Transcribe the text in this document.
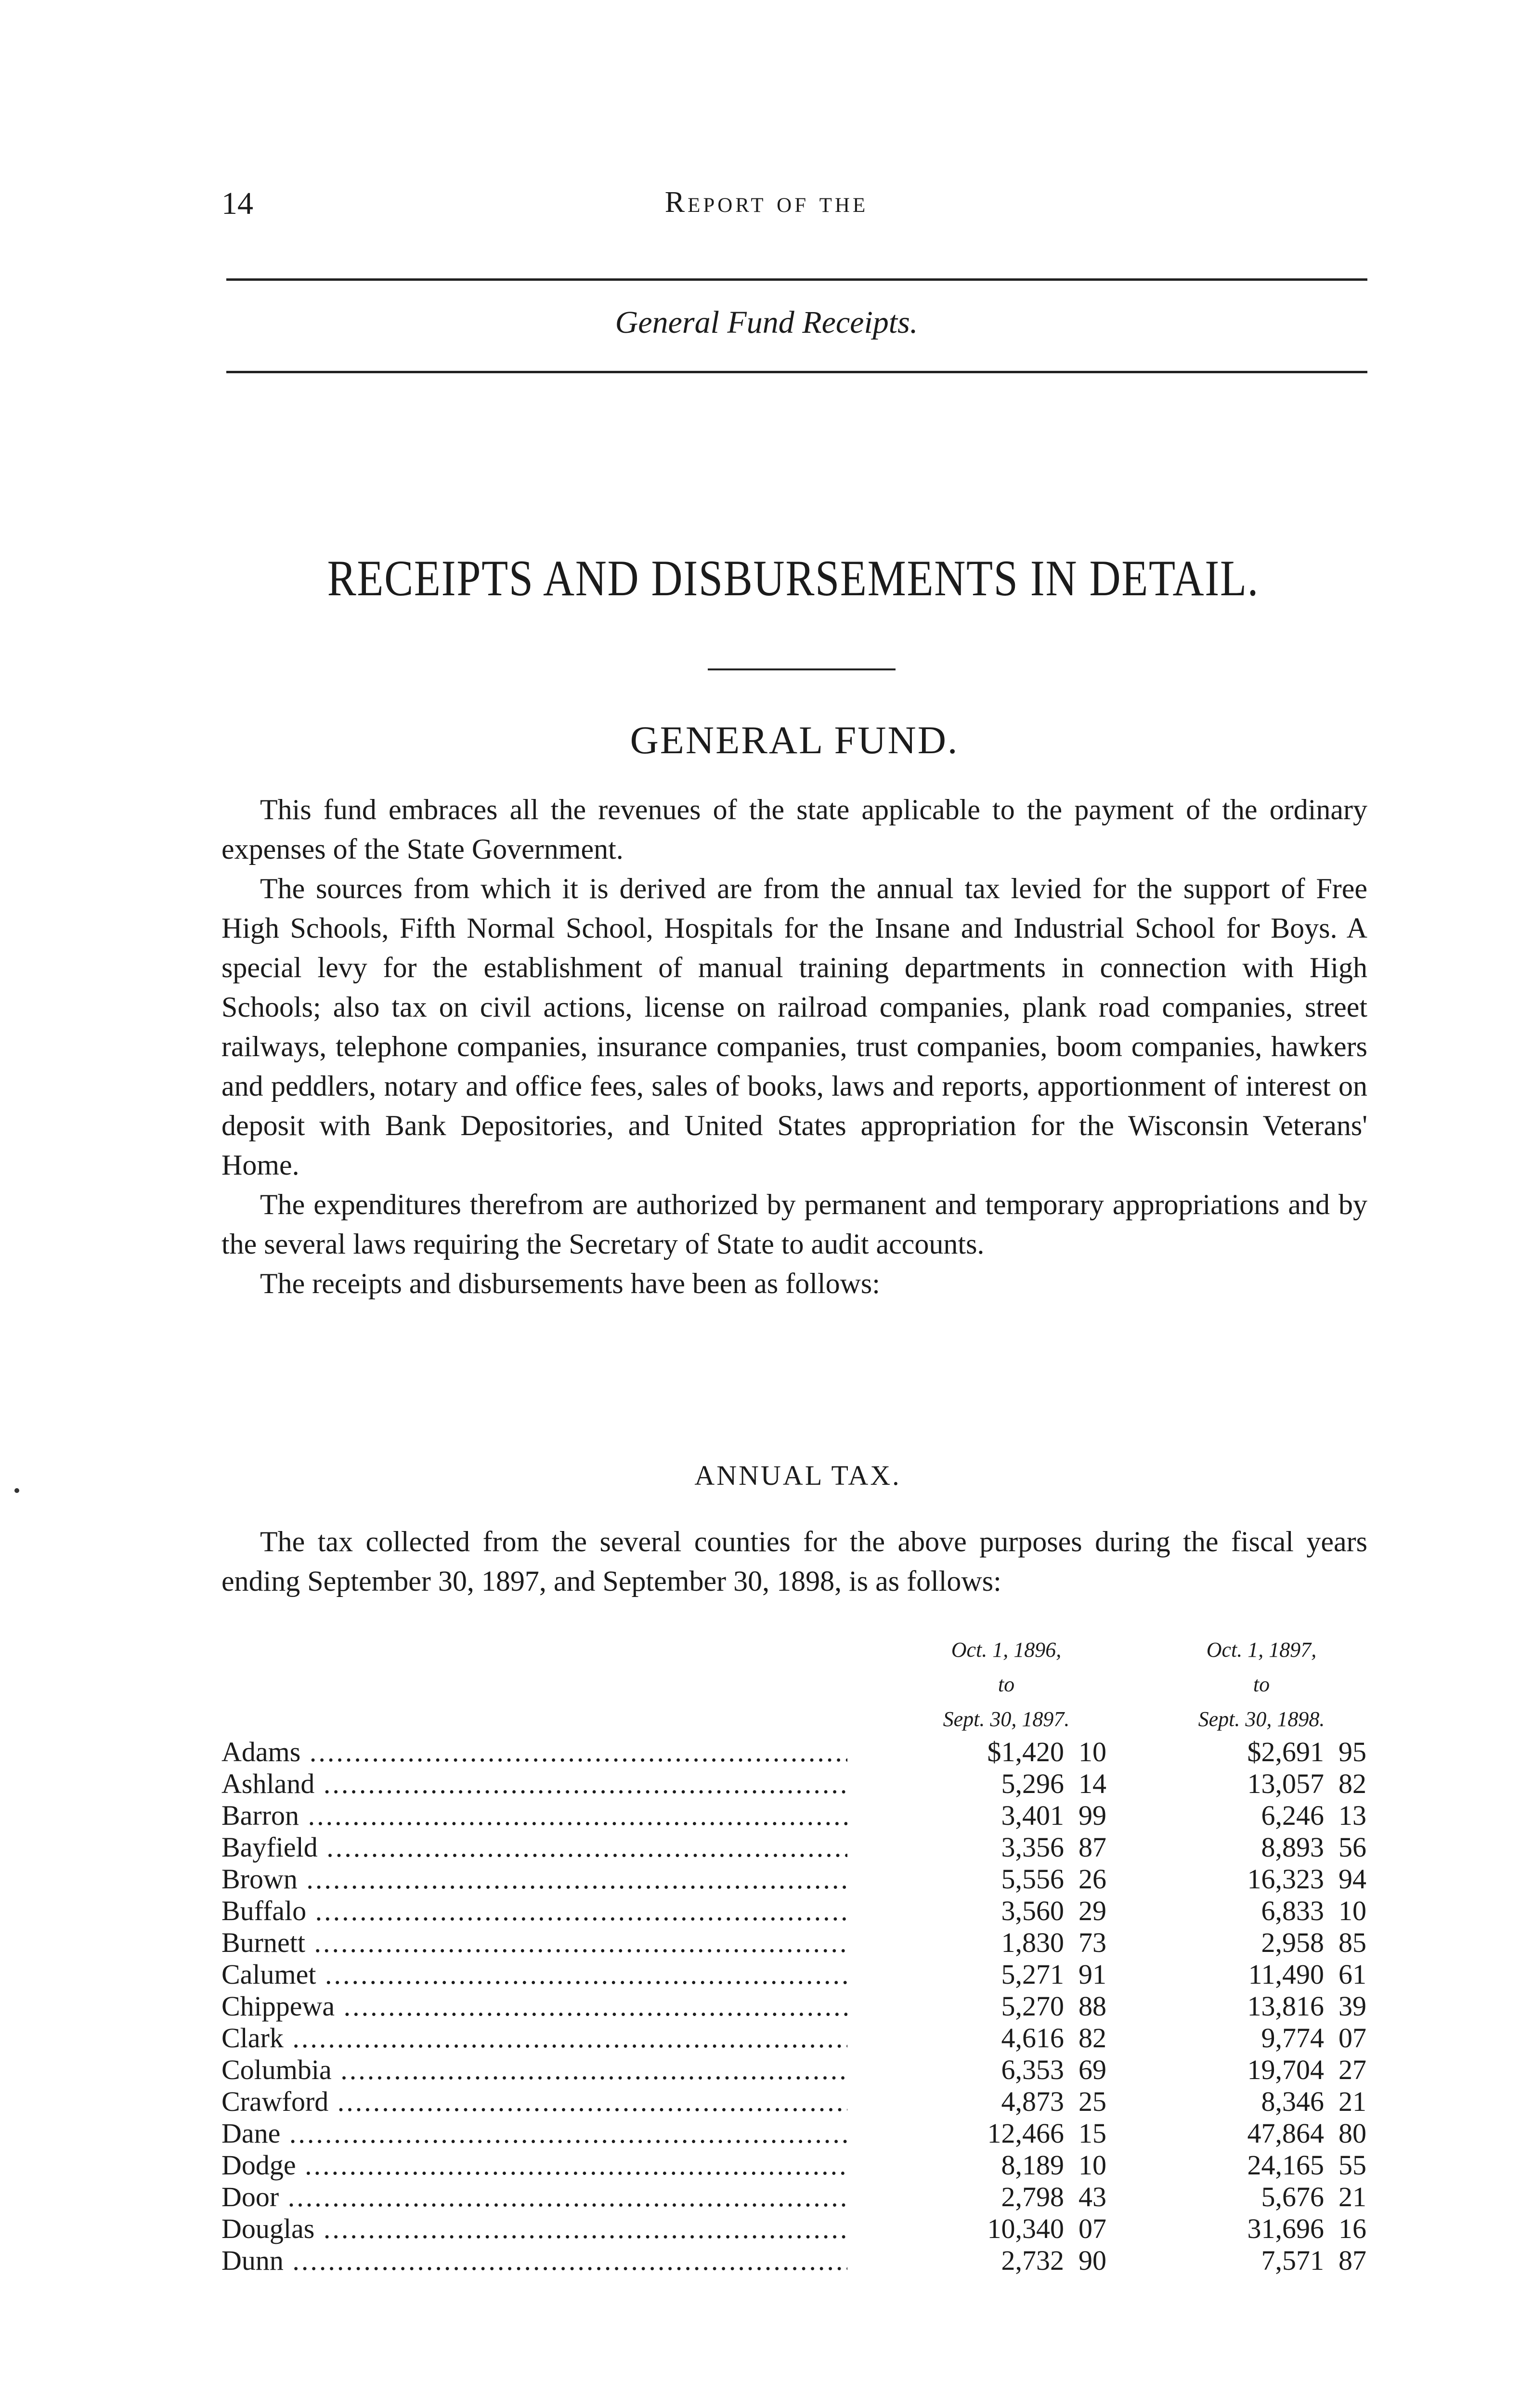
14	Report of the
General Fund Receipts.
RECEIPTS AND DISBURSEMENTS IN DETAIL.
GENERAL FUND.

This fund embraces all the revenues of the state applicable to the payment of the ordinary expenses of the State Government.

The sources from which it is derived are from the annual tax levied for the support of Free High Schools, Fifth Normal School, Hospitals for the Insane and Industrial School for Boys. A special levy for the establishment of manual training departments in connection with High Schools; also tax on civil actions, license on railroad companies, plank road companies, street railways, telephone companies, insurance companies, trust companies, boom companies, hawkers and peddlers, notary and office fees, sales of books, laws and reports, apportionment of interest on deposit with Bank Depositories, and United States appropriation for the Wisconsin Veterans' Home.

The expenditures therefrom are authorized by permanent and temporary appropriations and by the several laws requiring the Secretary of State to audit accounts.

The receipts and disbursements have been as follows:

ANNUAL TAX.

The tax collected from the several counties for the above purposes during the fiscal years ending September 30, 1897, and September 30, 1898, is as follows:

Oct. 1, 1896,
to
Sept. 30, 1897.
Oct. 1, 1897,
to
Sept. 30, 1898.
Adams .....	$1,420 10	$2,691 95
Ashland .....	5,296 14	13,057 82
Barron .....	3,401 99	6,246 13
Bayfield .....	3,356 87	8,893 56
Brown .....	5,556 26	16,323 94
Buffalo .....	3,560 29	6,833 10
Burnett .....	1,830 73	2,958 85
Calumet .....	5,271 91	11,490 61
Chippewa .....	5,270 88	13,816 39
Clark .....	4,616 82	9,774 07
Columbia .....	6,353 69	19,704 27
Crawford .....	4,873 25	8,346 21
Dane .....	12,466 15	47,864 80
Dodge .....	8,189 10	24,165 55
Door .....	2,798 43	5,676 21
Douglas .....	10,340 07	31,696 16
Dunn .....	2,732 90	7,571 87
